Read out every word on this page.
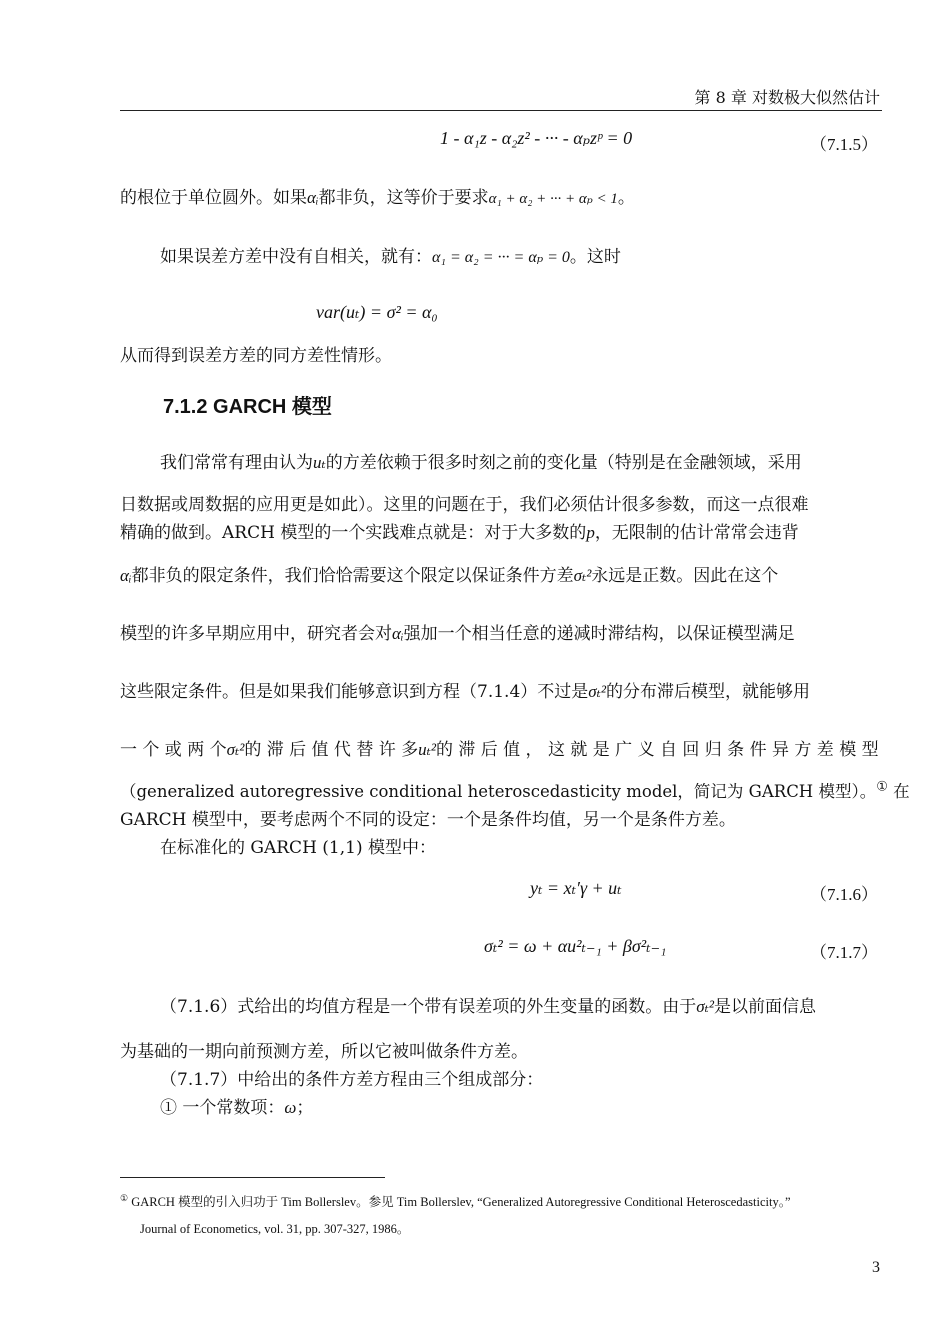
第 8 章 对数极大似然估计
1 - α₁z - α₂z² - ··· - αₚzᵖ = 0	（7.1.5）
的根位于单位圆外。如果αᵢ都非负，这等价于要求α₁ + α₂ + ··· + αₚ < 1。
如果误差方差中没有自相关，就有：α₁ = α₂ = ··· = αₚ = 0。这时
var(uₜ) = σ² = α₀
从而得到误差方差的同方差性情形。
7.1.2 GARCH 模型
我们常常有理由认为uₜ的方差依赖于很多时刻之前的变化量（特别是在金融领域，采用
日数据或周数据的应用更是如此）。这里的问题在于，我们必须估计很多参数，而这一点很难
精确的做到。ARCH 模型的一个实践难点就是：对于大多数的p，无限制的估计常常会违背
αᵢ都非负的限定条件，我们恰恰需要这个限定以保证条件方差σₜ²永远是正数。因此在这个
模型的许多早期应用中，研究者会对αᵢ强加一个相当任意的递减时滞结构，以保证模型满足
这些限定条件。但是如果我们能够意识到方程（7.1.4）不过是σₜ²的分布滞后模型，就能够用
一 个 或 两 个σₜ²的 滞 后 值 代 替 许 多uₜ²的 滞 后 值 ， 这 就 是 广 义 自 回 归 条 件 异 方 差 模 型
（generalized autoregressive conditional heteroscedasticity model，简记为 GARCH 模型）。① 在
GARCH 模型中，要考虑两个不同的设定：一个是条件均值，另一个是条件方差。
在标准化的 GARCH (1,1) 模型中：
yₜ = xₜ′γ + uₜ	（7.1.6）
σₜ² = ω + αu²ₜ₋₁ + βσ²ₜ₋₁	（7.1.7）
（7.1.6）式给出的均值方程是一个带有误差项的外生变量的函数。由于σₜ²是以前面信息
为基础的一期向前预测方差，所以它被叫做条件方差。
（7.1.7）中给出的条件方差方程由三个组成部分：
① 一个常数项：ω；
① GARCH 模型的引入归功于 Tim Bollerslev。参见 Tim Bollerslev, “Generalized Autoregressive Conditional Heteroscedasticity。”
Journal of Econometics, vol. 31, pp. 307-327, 1986。
3
